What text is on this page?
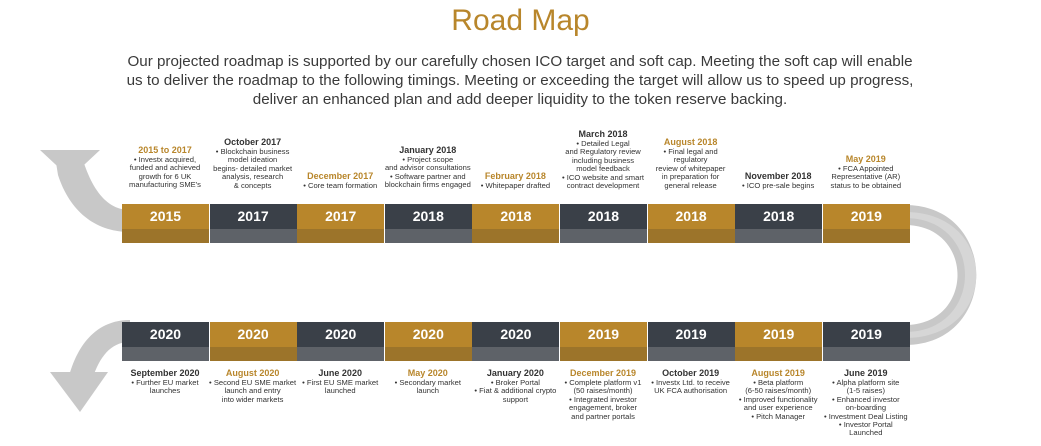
Road Map
Our projected roadmap is supported by our carefully chosen ICO target and soft cap. Meeting the soft cap will enable us to deliver the roadmap to the following timings. Meeting or exceeding the target will allow us to speed up progress, deliver an enhanced plan and add deeper liquidity to the token reserve backing.
2015
2015 to 2017
• Investx acquired,
funded and achieved
growth for 6 UK
manufacturing SME's
2017
October 2017
• Blockchain business
model ideation
begins- detailed market
analysis, research
& concepts
2017
December 2017
• Core team formation
2018
January 2018
• Project scope
and advisor consultations
• Software partner and
blockchain firms engaged
2018
February 2018
• Whitepaper drafted
2018
March 2018
• Detailed Legal
and Regulatory review
including business
model feedback
• ICO website and smart
contract development
2018
August 2018
• Final legal and regulatory
review of whitepaper
in preparation for
general release
2018
November 2018
• ICO pre-sale begins
2019
May 2019
• FCA Appointed
Representative (AR)
status to be obtained
2020
September 2020
• Further EU market
launches
2020
August 2020
• Second EU SME market
launch and entry
into wider markets
2020
June 2020
• First EU SME market
launched
2020
May 2020
• Secondary market
launch
2020
January 2020
• Broker Portal
• Fiat & additional crypto
support
2019
December 2019
• Complete platform v1
(50 raises/month)
• Integrated investor
engagement, broker
and partner portals
2019
October 2019
• Investx Ltd. to receive
UK FCA authorisation
2019
August 2019
• Beta platform
(6-50 raises/month)
• Improved functionality
and user experience
• Pitch Manager
2019
June 2019
• Alpha platform site
(1-5 raises)
• Enhanced investor
on-boarding
• Investment Deal Listing
• Investor Portal Launched
